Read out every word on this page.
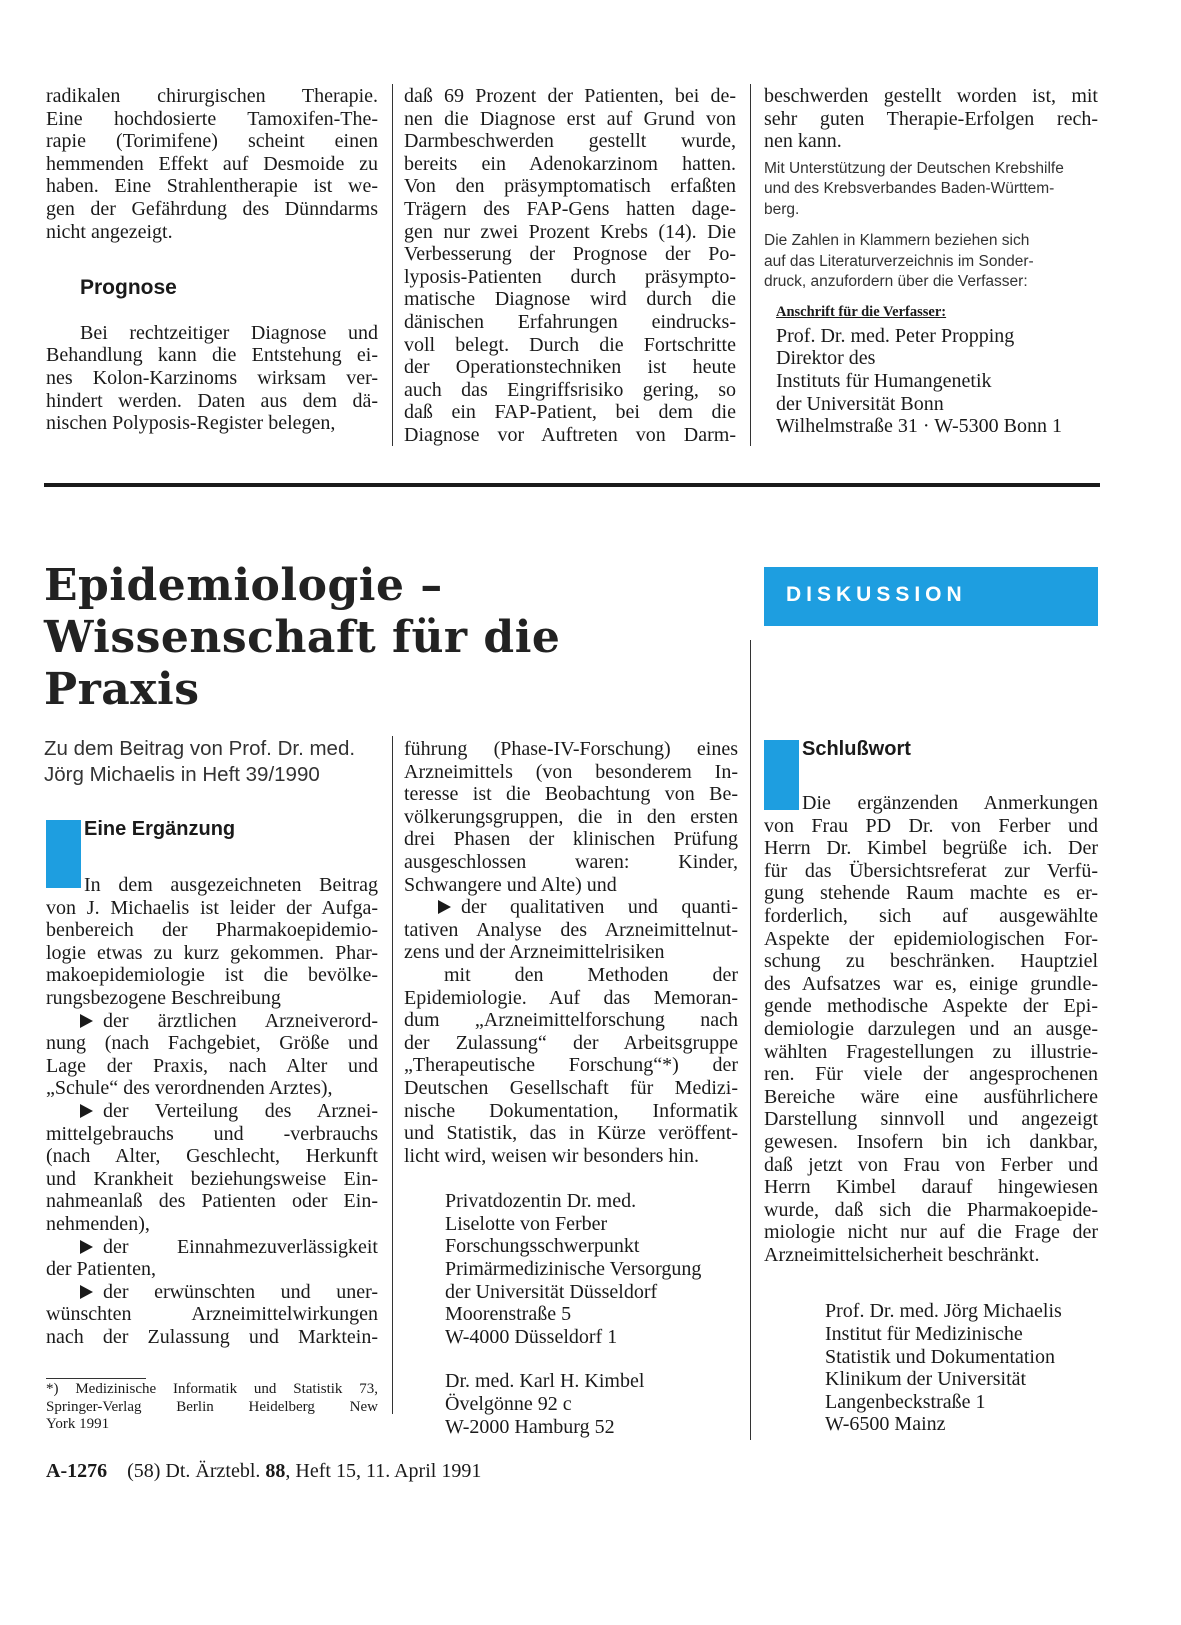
radikalen chirurgischen Therapie.
Eine hochdosierte Tamoxifen-The-
rapie (Torimifene) scheint einen
hemmenden Effekt auf Desmoide zu
haben. Eine Strahlentherapie ist we-
gen der Gefährdung des Dünndarms
nicht angezeigt.
Prognose
Bei rechtzeitiger Diagnose und
Behandlung kann die Entstehung ei-
nes Kolon-Karzinoms wirksam ver-
hindert werden. Daten aus dem dä-
nischen Polyposis-Register belegen,
daß 69 Prozent der Patienten, bei de-
nen die Diagnose erst auf Grund von
Darmbeschwerden gestellt wurde,
bereits ein Adenokarzinom hatten.
Von den präsymptomatisch erfaßten
Trägern des FAP-Gens hatten dage-
gen nur zwei Prozent Krebs (14). Die
Verbesserung der Prognose der Po-
lyposis-Patienten durch präsympto-
matische Diagnose wird durch die
dänischen Erfahrungen eindrucks-
voll belegt. Durch die Fortschritte
der Operationstechniken ist heute
auch das Eingriffsrisiko gering, so
daß ein FAP-Patient, bei dem die
Diagnose vor Auftreten von Darm-
beschwerden gestellt worden ist, mit
sehr guten Therapie-Erfolgen rech-
nen kann.
Mit Unterstützung der Deutschen Krebshilfe
und des Krebsverbandes Baden-Württem-
berg.
Die Zahlen in Klammern beziehen sich
auf das Literaturverzeichnis im Sonder-
druck, anzufordern über die Verfasser:
Anschrift für die Verfasser:
Prof. Dr. med. Peter Propping
Direktor des
Instituts für Humangenetik
der Universität Bonn
Wilhelmstraße 31 · W-5300 Bonn 1
Epidemiologie –
Wissenschaft für die
Praxis
DISKUSSION
Zu dem Beitrag von Prof. Dr. med.
Jörg Michaelis in Heft 39/1990
Eine Ergänzung
In dem ausgezeichneten Beitrag
von J. Michaelis ist leider der Aufga-
benbereich der Pharmakoepidemio-
logie etwas zu kurz gekommen. Phar-
makoepidemiologie ist die bevölke-
rungsbezogene Beschreibung
der ärztlichen Arzneiverord-
nung (nach Fachgebiet, Größe und
Lage der Praxis, nach Alter und
„Schule“ des verordnenden Arztes),
der Verteilung des Arznei-
mittelgebrauchs und -verbrauchs
(nach Alter, Geschlecht, Herkunft
und Krankheit beziehungsweise Ein-
nahmeanlaß des Patienten oder Ein-
nehmenden),
der Einnahmezuverlässigkeit
der Patienten,
der erwünschten und uner-
wünschten Arzneimittelwirkungen
nach der Zulassung und Marktein-
*) Medizinische Informatik und Statistik 73,
Springer-Verlag Berlin Heidelberg New
York 1991
führung (Phase-IV-Forschung) eines
Arzneimittels (von besonderem In-
teresse ist die Beobachtung von Be-
völkerungsgruppen, die in den ersten
drei Phasen der klinischen Prüfung
ausgeschlossen waren: Kinder,
Schwangere und Alte) und
der qualitativen und quanti-
tativen Analyse des Arzneimittelnut-
zens und der Arzneimittelrisiken
mit den Methoden der
Epidemiologie. Auf das Memoran-
dum „Arzneimittelforschung nach
der Zulassung“ der Arbeitsgruppe
„Therapeutische Forschung“*) der
Deutschen Gesellschaft für Medizi-
nische Dokumentation, Informatik
und Statistik, das in Kürze veröffent-
licht wird, weisen wir besonders hin.
Privatdozentin Dr. med.
Liselotte von Ferber
Forschungsschwerpunkt
Primärmedizinische Versorgung
der Universität Düsseldorf
Moorenstraße 5
W-4000 Düsseldorf 1
Dr. med. Karl H. Kimbel
Övelgönne 92 c
W-2000 Hamburg 52
Schlußwort
Die ergänzenden Anmerkungen
von Frau PD Dr. von Ferber und
Herrn Dr. Kimbel begrüße ich. Der
für das Übersichtsreferat zur Verfü-
gung stehende Raum machte es er-
forderlich, sich auf ausgewählte
Aspekte der epidemiologischen For-
schung zu beschränken. Hauptziel
des Aufsatzes war es, einige grundle-
gende methodische Aspekte der Epi-
demiologie darzulegen und an ausge-
wählten Fragestellungen zu illustrie-
ren. Für viele der angesprochenen
Bereiche wäre eine ausführlichere
Darstellung sinnvoll und angezeigt
gewesen. Insofern bin ich dankbar,
daß jetzt von Frau von Ferber und
Herrn Kimbel darauf hingewiesen
wurde, daß sich die Pharmakoepide-
miologie nicht nur auf die Frage der
Arzneimittelsicherheit beschränkt.
Prof. Dr. med. Jörg Michaelis
Institut für Medizinische
Statistik und Dokumentation
Klinikum der Universität
Langenbeckstraße 1
W-6500 Mainz
A-1276 (58) Dt. Ärztebl. 88, Heft 15, 11. April 1991
